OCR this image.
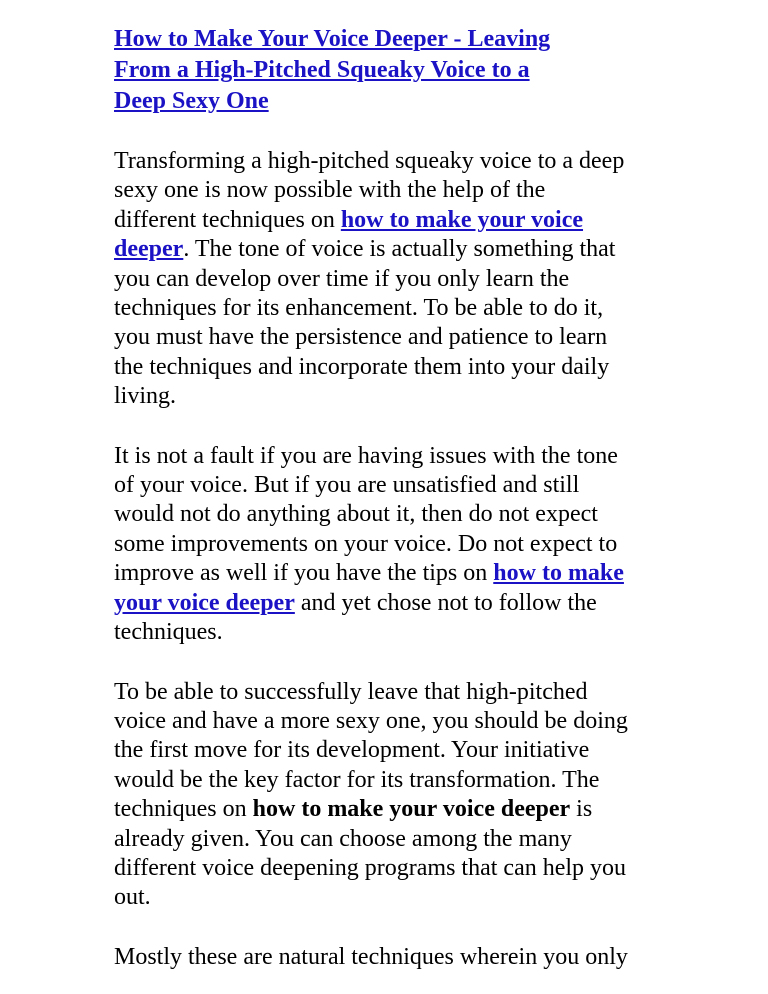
How to Make Your Voice Deeper - Leaving
From a High-Pitched Squeaky Voice to a
Deep Sexy One

Transforming a high-pitched squeaky voice to a deep
sexy one is now possible with the help of the
different techniques on how to make your voice
deeper. The tone of voice is actually something that
you can develop over time if you only learn the
techniques for its enhancement. To be able to do it,
you must have the persistence and patience to learn
the techniques and incorporate them into your daily
living.

It is not a fault if you are having issues with the tone
of your voice. But if you are unsatisfied and still
would not do anything about it, then do not expect
some improvements on your voice. Do not expect to
improve as well if you have the tips on how to make
your voice deeper and yet chose not to follow the
techniques.

To be able to successfully leave that high-pitched
voice and have a more sexy one, you should be doing
the first move for its development. Your initiative
would be the key factor for its transformation. The
techniques on how to make your voice deeper is
already given. You can choose among the many
different voice deepening programs that can help you
out.

Mostly these are natural techniques wherein you only
